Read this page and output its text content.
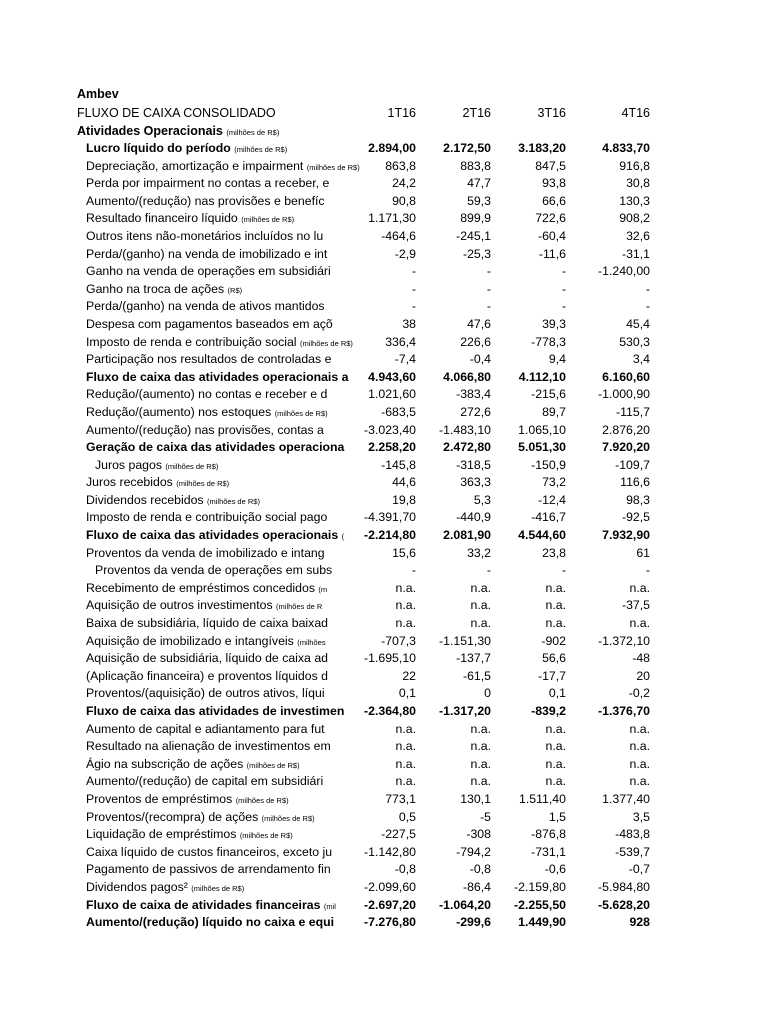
Ambev
FLUXO DE CAIXA CONSOLIDADO	1T16	2T16	3T16	4T16
Atividades Operacionais (milhões de R$)
Lucro líquido do período (milhões de R$)	2.894,00	2.172,50	3.183,20	4.833,70
Depreciação, amortização e impairment (milhões de R$)	863,8	883,8	847,5	916,8
Perda por impairment no contas a receber, e	24,2	47,7	93,8	30,8
Aumento/(redução) nas provisões e benefíc	90,8	59,3	66,6	130,3
Resultado financeiro líquido (milhões de R$)	1.171,30	899,9	722,6	908,2
Outros itens não-monetários incluídos no lu	-464,6	-245,1	-60,4	32,6
Perda/(ganho) na venda de imobilizado e int	-2,9	-25,3	-11,6	-31,1
Ganho na venda de operações em subsidiári	-	-	-	-1.240,00
Ganho na troca de ações (R$)	-	-	-	-
Perda/(ganho) na venda de ativos mantidos	-	-	-	-
Despesa com pagamentos baseados em açõ	38	47,6	39,3	45,4
Imposto de renda e contribuição social (milhões de R$)	336,4	226,6	-778,3	530,3
Participação nos resultados de controladas e	-7,4	-0,4	9,4	3,4
Fluxo de caixa das atividades operacionais a	4.943,60	4.066,80	4.112,10	6.160,60
Redução/(aumento) no contas e receber e d	1.021,60	-383,4	-215,6	-1.000,90
Redução/(aumento) nos estoques (milhões de R$)	-683,5	272,6	89,7	-115,7
Aumento/(redução) nas provisões, contas a	-3.023,40	-1.483,10	1.065,10	2.876,20
Geração de caixa das atividades operaciona	2.258,20	2.472,80	5.051,30	7.920,20
Juros pagos (milhões de R$)	-145,8	-318,5	-150,9	-109,7
Juros recebidos (milhões de R$)	44,6	363,3	73,2	116,6
Dividendos recebidos (milhões de R$)	19,8	5,3	-12,4	98,3
Imposto de renda e contribuição social pago	-4.391,70	-440,9	-416,7	-92,5
Fluxo de caixa das atividades operacionais (	-2.214,80	2.081,90	4.544,60	7.932,90
Proventos da venda de imobilizado e intang	15,6	33,2	23,8	61
Proventos da venda de operações em subs	-	-	-	-
Recebimento de empréstimos concedidos (m	n.a.	n.a.	n.a.	n.a.
Aquisição de outros investimentos (milhões de R	n.a.	n.a.	n.a.	-37,5
Baixa de subsidiária, líquido de caixa baixad	n.a.	n.a.	n.a.	n.a.
Aquisição de imobilizado e intangíveis (milhões	-707,3	-1.151,30	-902	-1.372,10
Aquisição de subsidiária, líquido de caixa ad	-1.695,10	-137,7	56,6	-48
(Aplicação financeira) e proventos líquidos d	22	-61,5	-17,7	20
Proventos/(aquisição) de outros ativos, líqui	0,1	0	0,1	-0,2
Fluxo de caixa das atividades de investimen	-2.364,80	-1.317,20	-839,2	-1.376,70
Aumento de capital e adiantamento para fut	n.a.	n.a.	n.a.	n.a.
Resultado na alienação de investimentos em	n.a.	n.a.	n.a.	n.a.
Ágio na subscrição de ações (milhões de R$)	n.a.	n.a.	n.a.	n.a.
Aumento/(redução) de capital em subsidiári	n.a.	n.a.	n.a.	n.a.
Proventos de empréstimos (milhões de R$)	773,1	130,1	1.511,40	1.377,40
Proventos/(recompra) de ações (milhões de R$)	0,5	-5	1,5	3,5
Liquidação de empréstimos (milhões de R$)	-227,5	-308	-876,8	-483,8
Caixa líquido de custos financeiros, exceto ju	-1.142,80	-794,2	-731,1	-539,7
Pagamento de passivos de arrendamento fin	-0,8	-0,8	-0,6	-0,7
Dividendos pagos² (milhões de R$)	-2.099,60	-86,4	-2.159,80	-5.984,80
Fluxo de caixa de atividades financeiras (mil	-2.697,20	-1.064,20	-2.255,50	-5.628,20
Aumento/(redução) líquido no caixa e equi	-7.276,80	-299,6	1.449,90	928
